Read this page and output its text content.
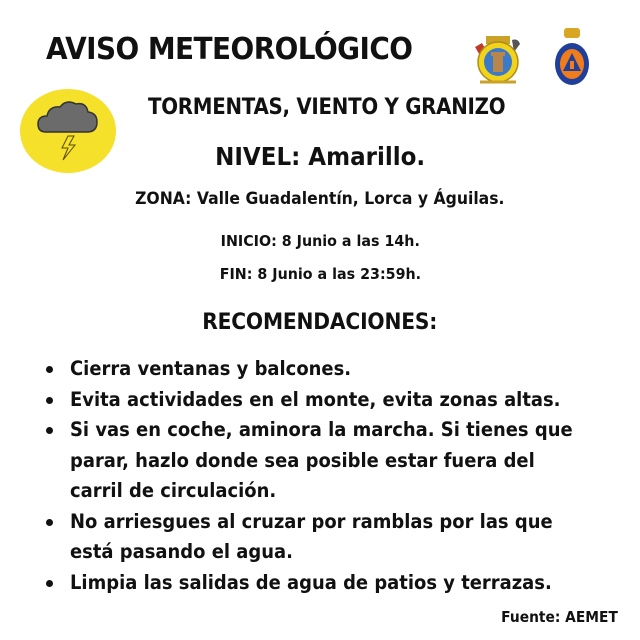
AVISO METEOROLÓGICO
TORMENTAS, VIENTO Y GRANIZO
NIVEL: Amarillo.
ZONA: Valle Guadalentín, Lorca y Águilas.
INICIO: 8 Junio a las 14h.
FIN: 8 Junio a las 23:59h.
RECOMENDACIONES:
Cierra ventanas y balcones.
Evita actividades en el monte, evita zonas altas.
Si vas en coche, aminora la marcha. Si tienes que parar, hazlo donde sea posible estar fuera del carril de circulación.
No arriesgues al cruzar por ramblas por las que está pasando el agua.
Limpia las salidas de agua de patios y terrazas.
Fuente: AEMET
